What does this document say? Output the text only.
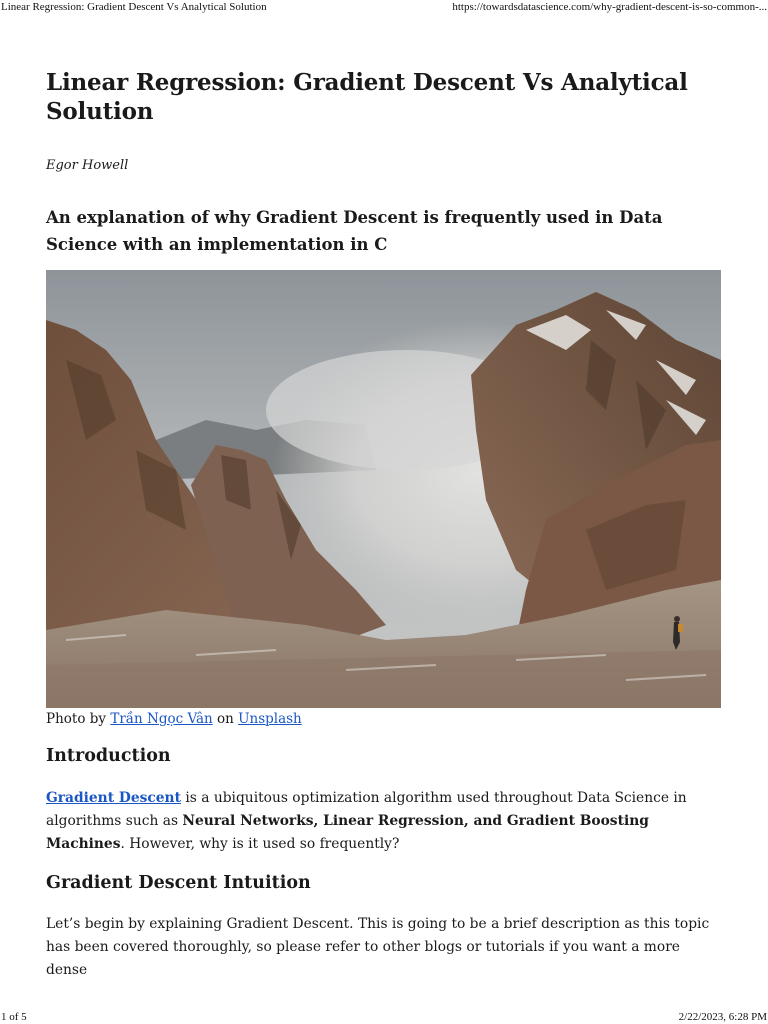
Linear Regression: Gradient Descent Vs Analytical Solution	https://towardsdatascience.com/why-gradient-descent-is-so-common-...
Linear Regression: Gradient Descent Vs Analytical Solution

Egor Howell

An explanation of why Gradient Descent is frequently used in Data Science with an implementation in C

Photo by Trần Ngọc Vân on Unsplash

Introduction

Gradient Descent is a ubiquitous optimization algorithm used throughout Data Science in algorithms such as Neural Networks, Linear Regression, and Gradient Boosting Machines. However, why is it used so frequently?

Gradient Descent Intuition

Let’s begin by explaining Gradient Descent. This is going to be a brief description as this topic has been covered thoroughly, so please refer to other blogs or tutorials if you want a more dense

1 of 5	2/22/2023, 6:28 PM
